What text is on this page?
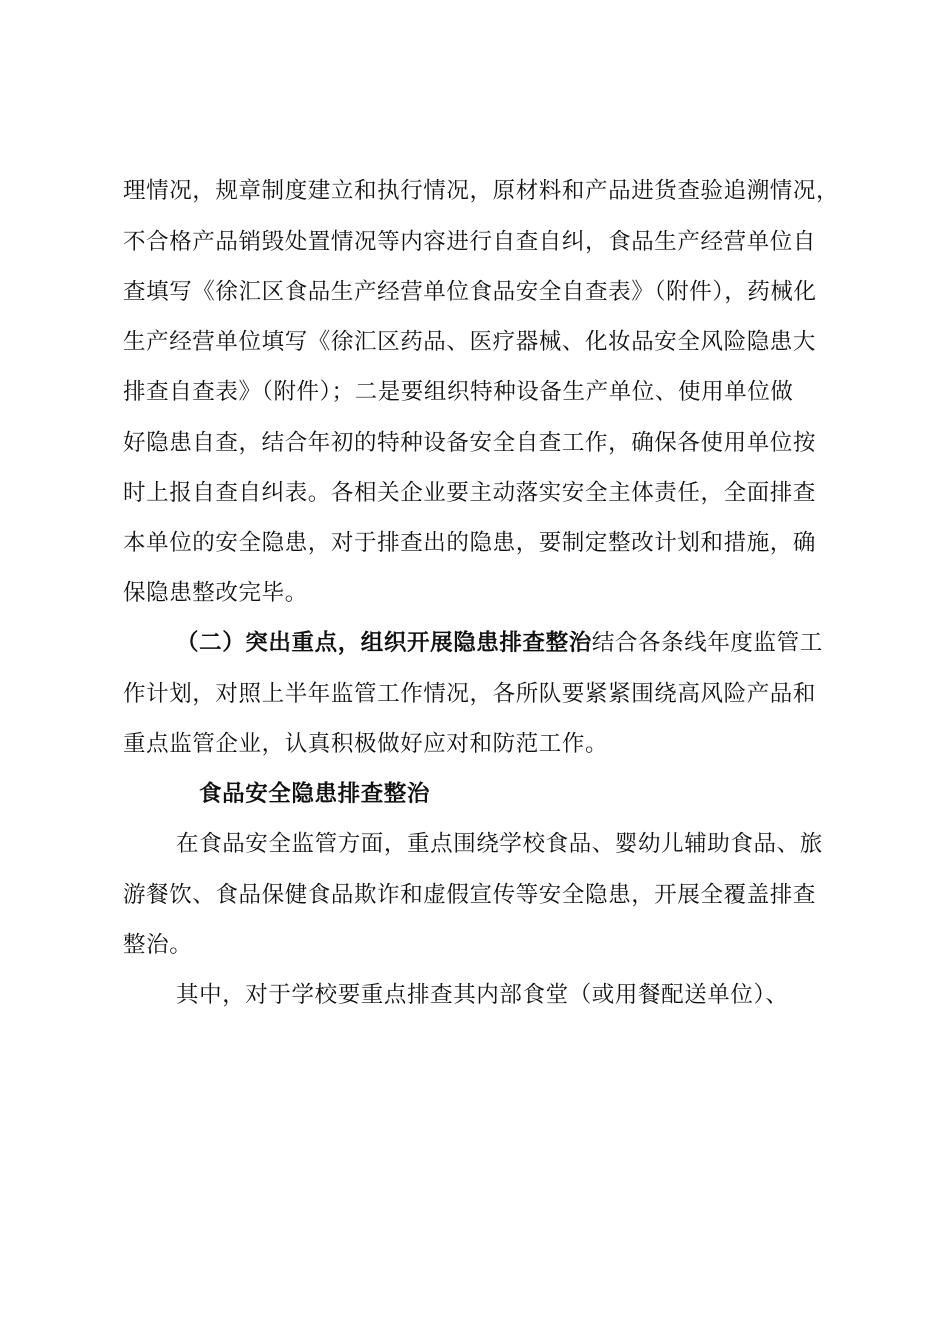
理情况，规章制度建立和执行情况，原材料和产品进货查验追溯情况，
不合格产品销毁处置情况等内容进行自查自纠，食品生产经营单位自
查填写《徐汇区食品生产经营单位食品安全自查表》（附件），药械化
生产经营单位填写《徐汇区药品、医疗器械、化妆品安全风险隐患大
排查自查表》（附件）；二是要组织特种设备生产单位、使用单位做
好隐患自查，结合年初的特种设备安全自查工作，确保各使用单位按
时上报自查自纠表。各相关企业要主动落实安全主体责任，全面排查
本单位的安全隐患，对于排查出的隐患，要制定整改计划和措施，确
保隐患整改完毕。
（二）突出重点，组织开展隐患排查整治结合各条线年度监管工
作计划，对照上半年监管工作情况，各所队要紧紧围绕高风险产品和
重点监管企业，认真积极做好应对和防范工作。
食品安全隐患排查整治
在食品安全监管方面，重点围绕学校食品、婴幼儿辅助食品、旅
游餐饮、食品保健食品欺诈和虚假宣传等安全隐患，开展全覆盖排查
整治。
其中，对于学校要重点排查其内部食堂（或用餐配送单位）、
